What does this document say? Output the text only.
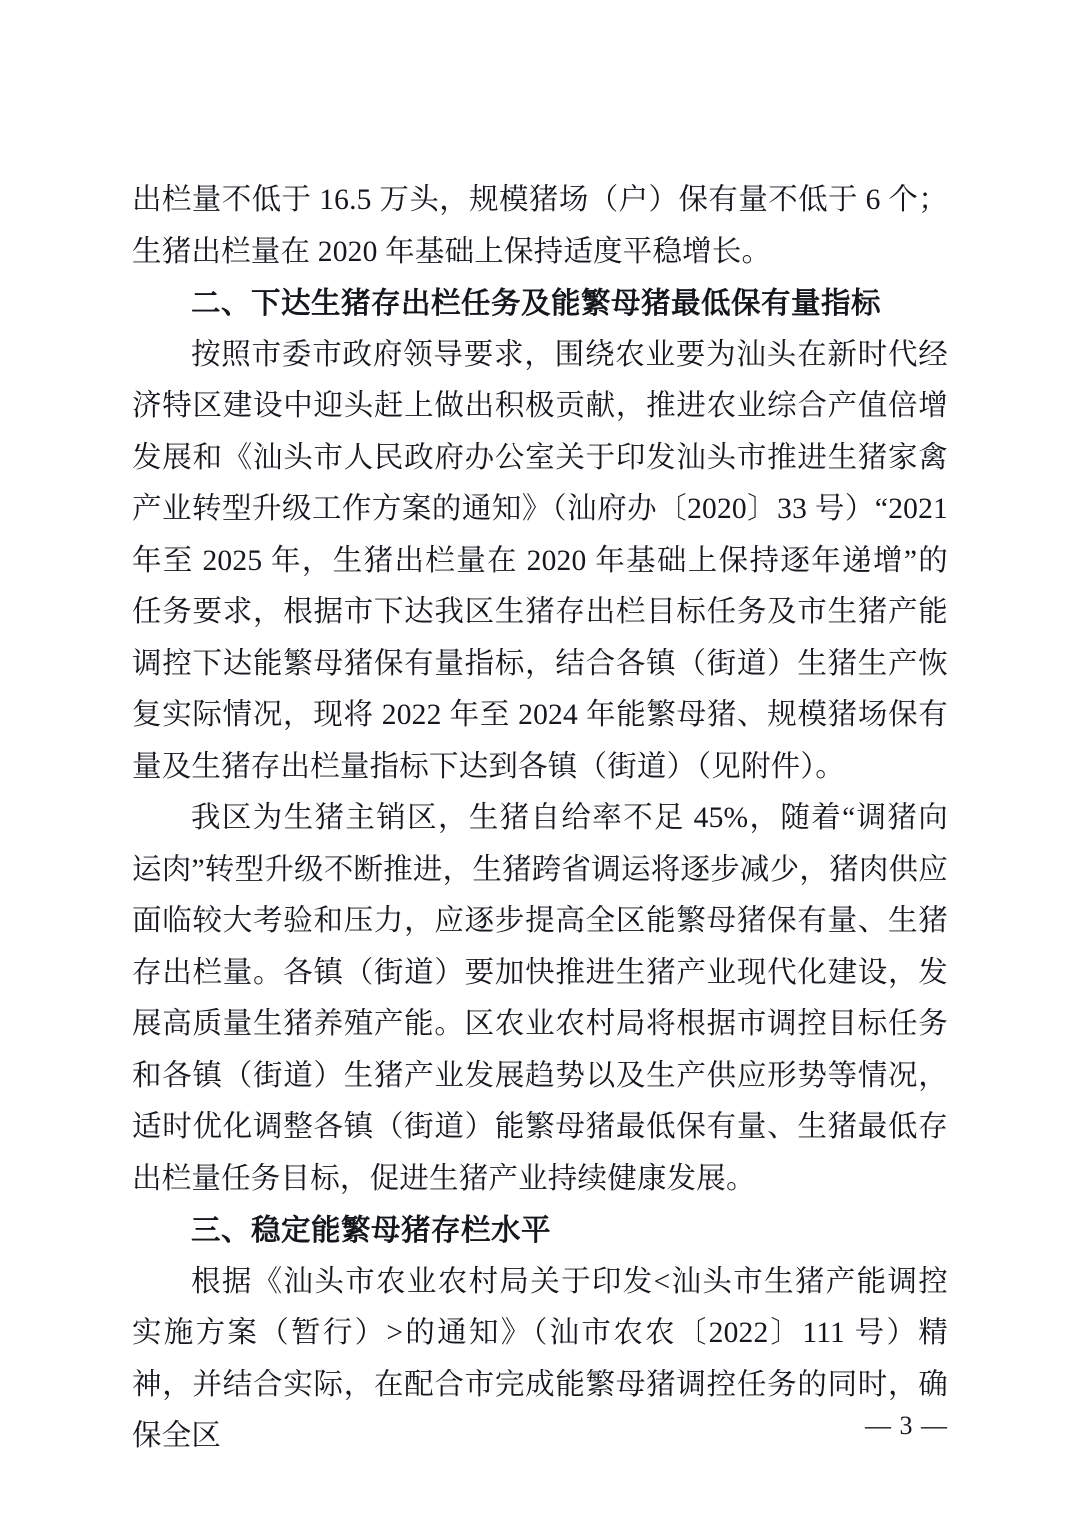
出栏量不低于 16.5 万头，规模猪场（户）保有量不低于 6 个；生猪出栏量在 2020 年基础上保持适度平稳增长。

二、下达生猪存出栏任务及能繁母猪最低保有量指标

按照市委市政府领导要求，围绕农业要为汕头在新时代经济特区建设中迎头赶上做出积极贡献，推进农业综合产值倍增发展和《汕头市人民政府办公室关于印发汕头市推进生猪家禽产业转型升级工作方案的通知》（汕府办〔2020〕33 号）“2021 年至 2025 年，生猪出栏量在 2020 年基础上保持逐年递增”的任务要求，根据市下达我区生猪存出栏目标任务及市生猪产能调控下达能繁母猪保有量指标，结合各镇（街道）生猪生产恢复实际情况，现将 2022 年至 2024 年能繁母猪、规模猪场保有量及生猪存出栏量指标下达到各镇（街道）（见附件）。

我区为生猪主销区，生猪自给率不足 45%，随着“调猪向运肉”转型升级不断推进，生猪跨省调运将逐步减少，猪肉供应面临较大考验和压力，应逐步提高全区能繁母猪保有量、生猪存出栏量。各镇（街道）要加快推进生猪产业现代化建设，发展高质量生猪养殖产能。区农业农村局将根据市调控目标任务和各镇（街道）生猪产业发展趋势以及生产供应形势等情况，适时优化调整各镇（街道）能繁母猪最低保有量、生猪最低存出栏量任务目标，促进生猪产业持续健康发展。

三、稳定能繁母猪存栏水平

根据《汕头市农业农村局关于印发<汕头市生猪产能调控实施方案（暂行）>的通知》（汕市农农〔2022〕111 号）精神，并结合实际，在配合市完成能繁母猪调控任务的同时，确保全区	— 3 —
